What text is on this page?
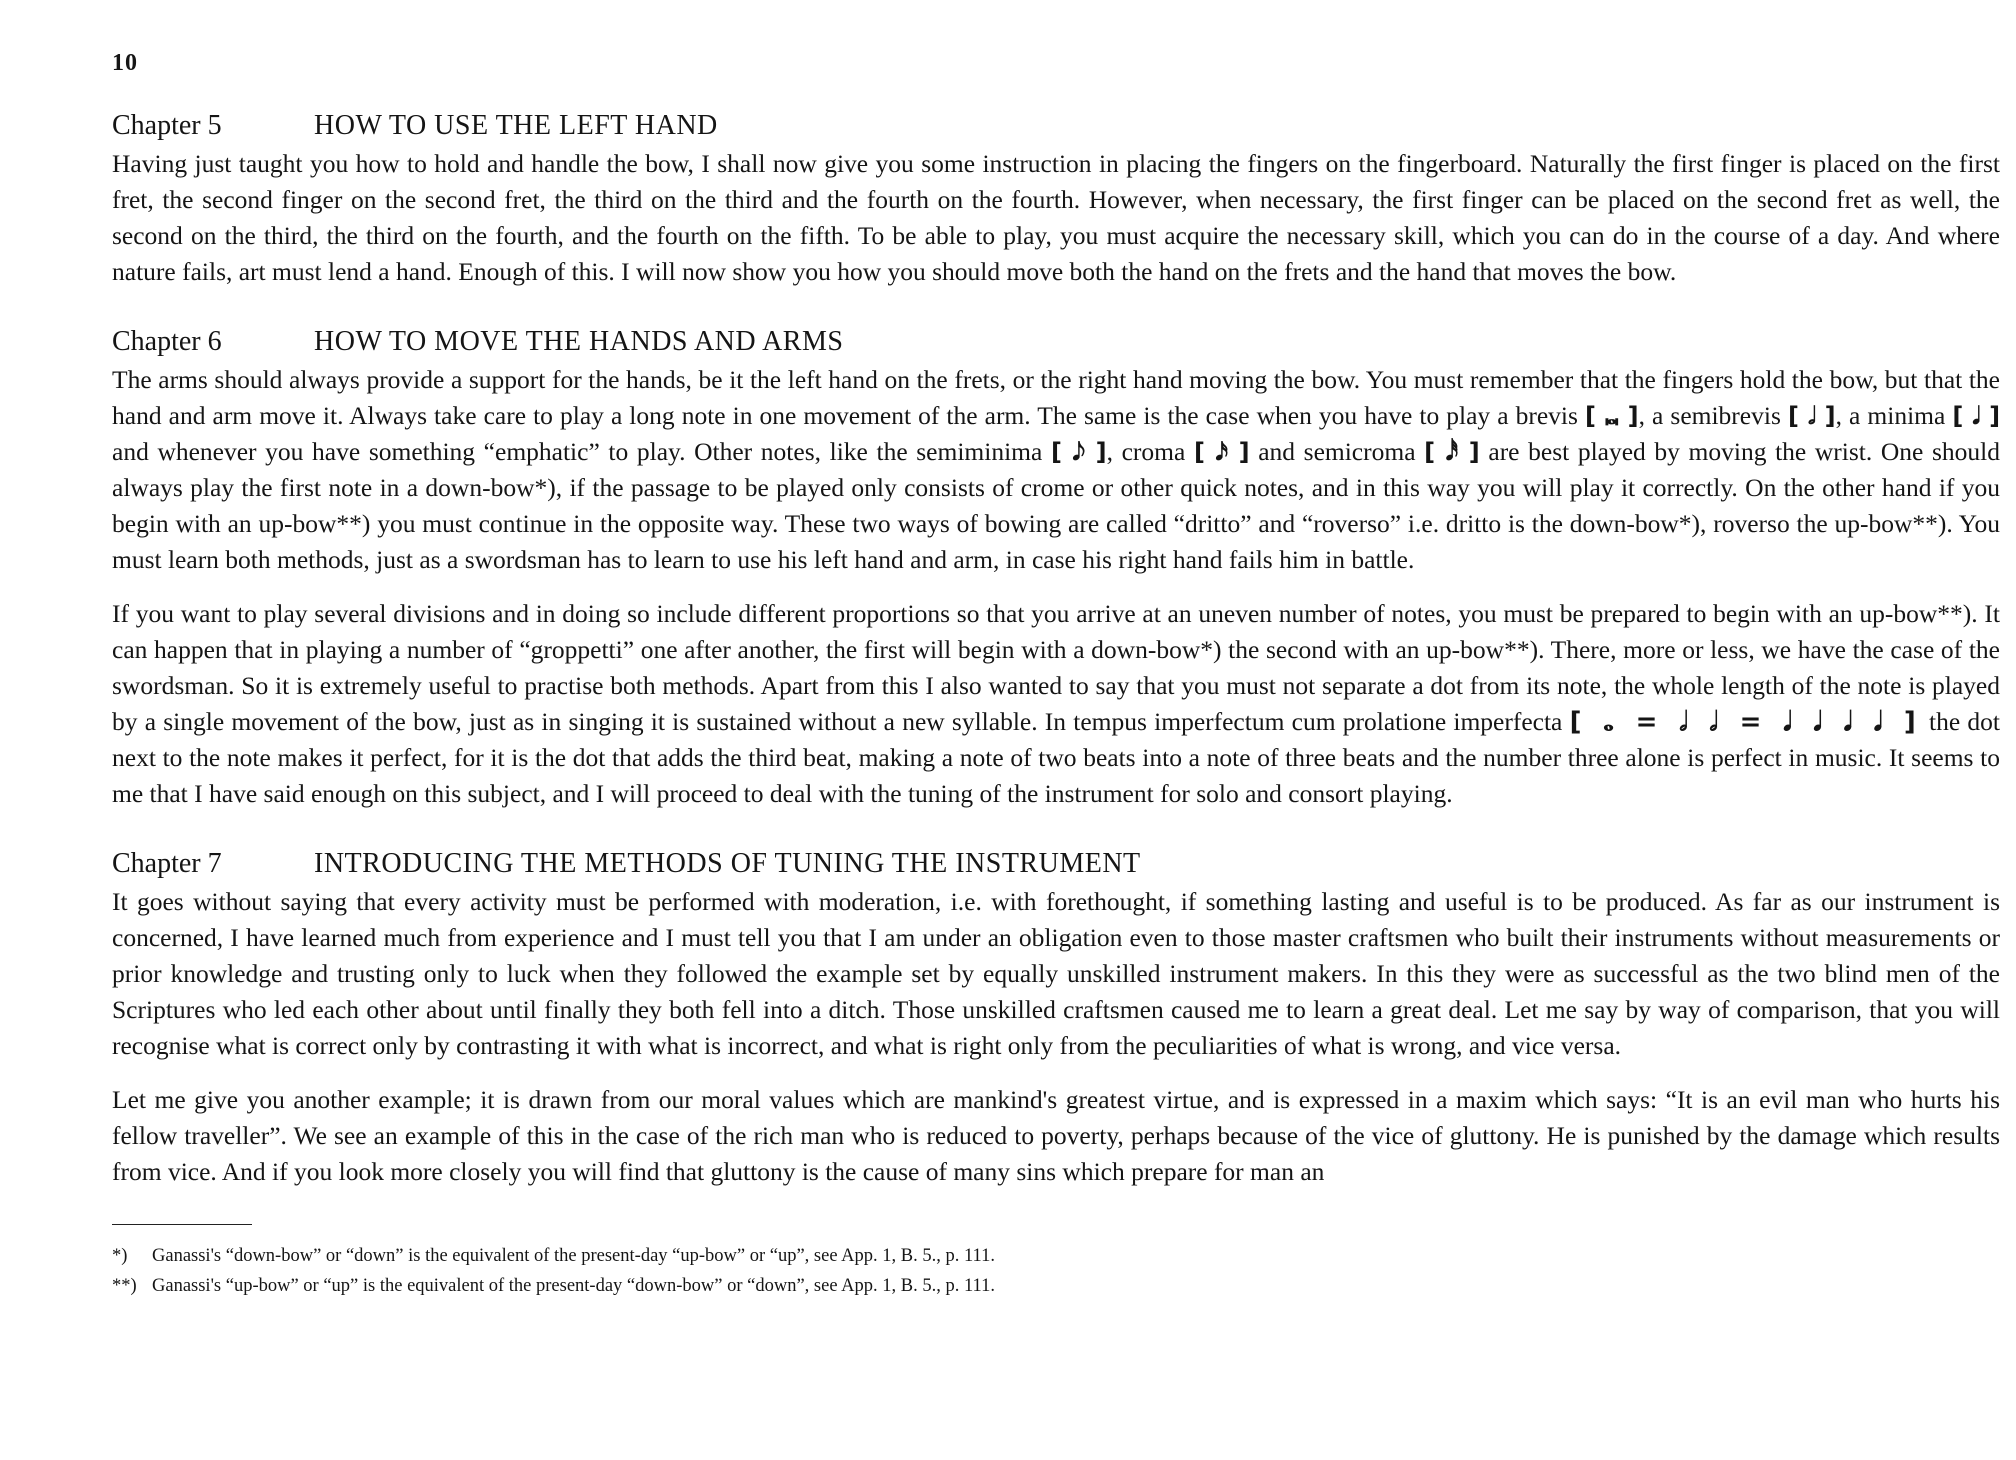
10
Chapter 5	HOW TO USE THE LEFT HAND

Having just taught you how to hold and handle the bow, I shall now give you some instruction in placing the fingers on the fingerboard. Naturally the first finger is placed on the first fret, the second finger on the second fret, the third on the third and the fourth on the fourth. However, when necessary, the first finger can be placed on the second fret as well, the second on the third, the third on the fourth, and the fourth on the fifth. To be able to play, you must acquire the necessary skill, which you can do in the course of a day. And where nature fails, art must lend a hand. Enough of this. I will now show you how you should move both the hand on the frets and the hand that moves the bow.

Chapter 6	HOW TO MOVE THE HANDS AND ARMS

The arms should always provide a support for the hands, be it the left hand on the frets, or the right hand moving the bow. You must remember that the fingers hold the bow, but that the hand and arm move it. Always take care to play a long note in one movement of the arm. The same is the case when you have to play a brevis [ 𝅜 ], a semibrevis [ 𝅗𝅥 ], a minima [ 𝅘𝅥 ] and whenever you have something “emphatic” to play. Other notes, like the semiminima [ 𝅘𝅥𝅮 ], croma [ 𝅘𝅥𝅯 ] and semicroma [ 𝅘𝅥𝅰 ] are best played by moving the wrist. One should always play the first note in a down-bow*), if the passage to be played only consists of crome or other quick notes, and in this way you will play it correctly. On the other hand if you begin with an up-bow**) you must continue in the opposite way. These two ways of bowing are called “dritto” and “roverso” i.e. dritto is the down-bow*), roverso the up-bow**). You must learn both methods, just as a swordsman has to learn to use his left hand and arm, in case his right hand fails him in battle.

If you want to play several divisions and in doing so include different proportions so that you arrive at an uneven number of notes, you must be prepared to begin with an up-bow**). It can happen that in playing a number of “groppetti” one after another, the first will begin with a down-bow*) the second with an up-bow**). There, more or less, we have the case of the swordsman. So it is extremely useful to practise both methods. Apart from this I also wanted to say that you must not separate a dot from its note, the whole length of the note is played by a single movement of the bow, just as in singing it is sustained without a new syllable. In tempus imperfectum cum prolatione imperfecta [ 𝅝 = 𝅗𝅥 𝅗𝅥 = 𝅘𝅥 𝅘𝅥 𝅘𝅥 𝅘𝅥 ] the dot next to the note makes it perfect, for it is the dot that adds the third beat, making a note of two beats into a note of three beats and the number three alone is perfect in music. It seems to me that I have said enough on this subject, and I will proceed to deal with the tuning of the instrument for solo and consort playing.

Chapter 7	INTRODUCING THE METHODS OF TUNING THE INSTRUMENT

It goes without saying that every activity must be performed with moderation, i.e. with forethought, if something lasting and useful is to be produced. As far as our instrument is concerned, I have learned much from experience and I must tell you that I am under an obligation even to those master craftsmen who built their instruments without measurements or prior knowledge and trusting only to luck when they followed the example set by equally unskilled instrument makers. In this they were as successful as the two blind men of the Scriptures who led each other about until finally they both fell into a ditch. Those unskilled craftsmen caused me to learn a great deal. Let me say by way of comparison, that you will recognise what is correct only by contrasting it with what is incorrect, and what is right only from the peculiarities of what is wrong, and vice versa.

Let me give you another example; it is drawn from our moral values which are mankind's greatest virtue, and is expressed in a maxim which says: “It is an evil man who hurts his fellow traveller”. We see an example of this in the case of the rich man who is reduced to poverty, perhaps because of the vice of gluttony. He is punished by the damage which results from vice. And if you look more closely you will find that gluttony is the cause of many sins which prepare for man an

*) Ganassi's “down-bow” or “down” is the equivalent of the present-day “up-bow” or “up”, see App. 1, B. 5., p. 111.

**) Ganassi's “up-bow” or “up” is the equivalent of the present-day “down-bow” or “down”, see App. 1, B. 5., p. 111.
